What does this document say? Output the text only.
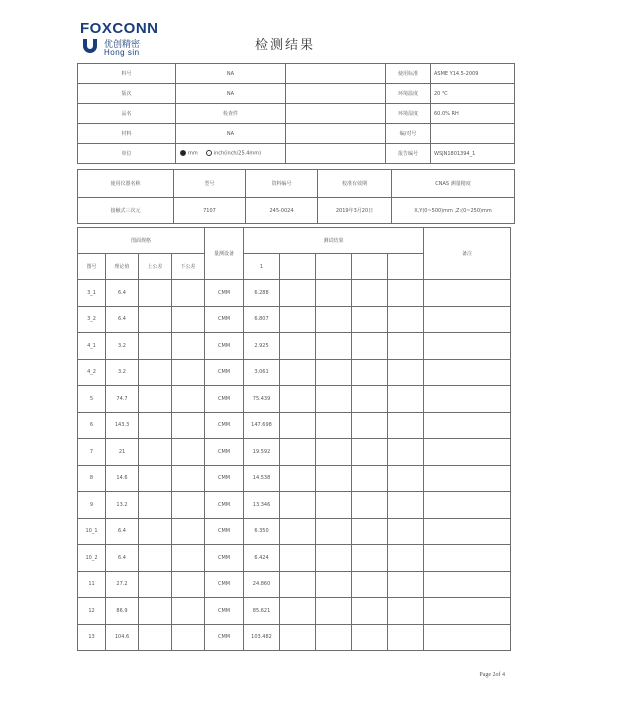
FOXCONN
优创精密
Hong sin	检测结果
料号	NA		使用标准	ASME Y14.5-2009
版次	NA		环境温度	20 ℃
品名	检查件		环境湿度	60.0% RH
材料	NA		编/对号	
单位	mm inch(inch/25.4mm)		报告编号	WSJN1801394_1
使用仪器名称	型号	资料编号	校准有效期	CNAS 测量精度
接触式三次元	7107	245-0024	2019年3月20日	X,Y(0~500)mm ,Z:(0~250)mm
图面规格				量测设备	测试结果					备注
图号	理论值	上公差	下公差		1					
3_1	6.4			CMM	6.288					
3_2	6.4			CMM	6.807					
4_1	3.2			CMM	2.925					
4_2	3.2			CMM	3.061					
5	74.7			CMM	75.439					
6	143.3			CMM	147.698					
7	21			CMM	19.592					
8	14.6			CMM	14.538					
9	13.2			CMM	13.346					
10_1	6.4			CMM	6.350					
10_2	6.4			CMM	6.424					
11	27.2			CMM	24.860					
12	86.9			CMM	85.621					
13	104.6			CMM	103.482					
Page 2of 4
